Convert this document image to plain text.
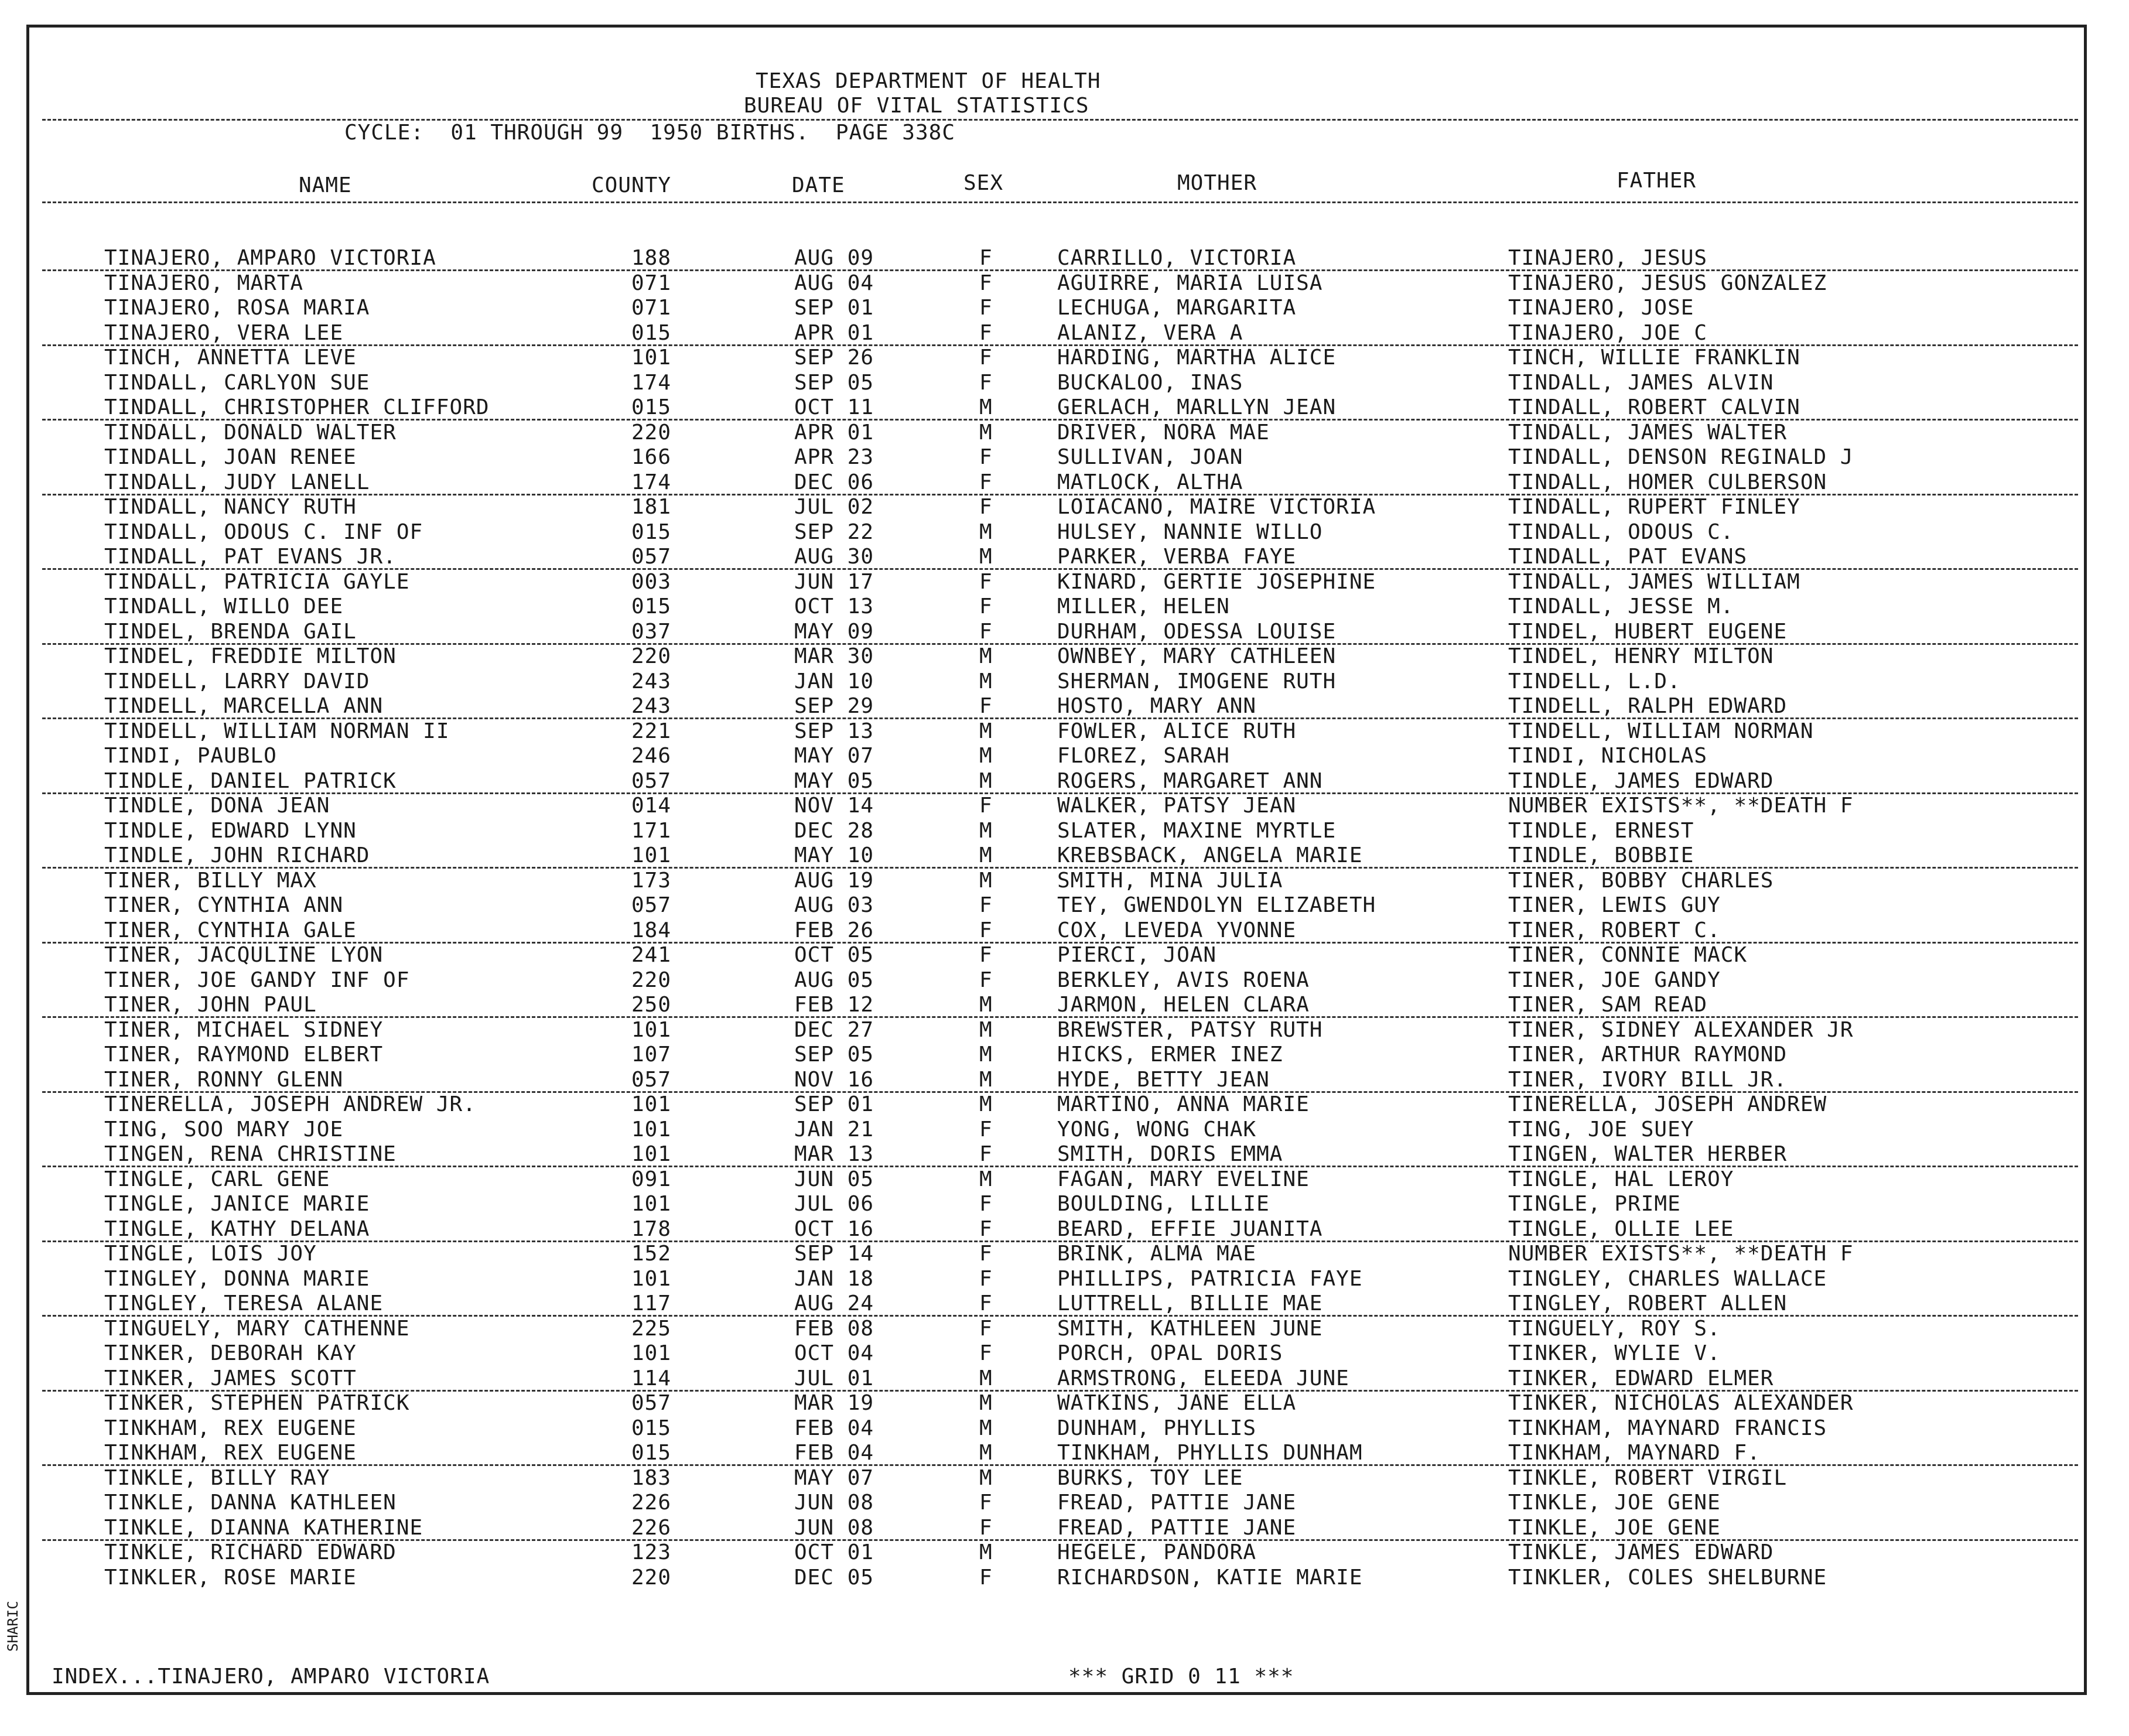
TEXAS DEPARTMENT OF HEALTH
BUREAU OF VITAL STATISTICS
CYCLE:  01 THROUGH 99  1950 BIRTHS.  PAGE 338C
NAME	COUNTY	DATE	SEX	MOTHER	FATHER
TINAJERO, AMPARO VICTORIA	188	AUG 09	F	CARRILLO, VICTORIA	TINAJERO, JESUS
TINAJERO, MARTA	071	AUG 04	F	AGUIRRE, MARIA LUISA	TINAJERO, JESUS GONZALEZ
TINAJERO, ROSA MARIA	071	SEP 01	F	LECHUGA, MARGARITA	TINAJERO, JOSE
TINAJERO, VERA LEE	015	APR 01	F	ALANIZ, VERA A	TINAJERO, JOE C
TINCH, ANNETTA LEVE	101	SEP 26	F	HARDING, MARTHA ALICE	TINCH, WILLIE FRANKLIN
TINDALL, CARLYON SUE	174	SEP 05	F	BUCKALOO, INAS	TINDALL, JAMES ALVIN
TINDALL, CHRISTOPHER CLIFFORD	015	OCT 11	M	GERLACH, MARLLYN JEAN	TINDALL, ROBERT CALVIN
TINDALL, DONALD WALTER	220	APR 01	M	DRIVER, NORA MAE	TINDALL, JAMES WALTER
TINDALL, JOAN RENEE	166	APR 23	F	SULLIVAN, JOAN	TINDALL, DENSON REGINALD J
TINDALL, JUDY LANELL	174	DEC 06	F	MATLOCK, ALTHA	TINDALL, HOMER CULBERSON
TINDALL, NANCY RUTH	181	JUL 02	F	LOIACANO, MAIRE VICTORIA	TINDALL, RUPERT FINLEY
TINDALL, ODOUS C. INF OF	015	SEP 22	M	HULSEY, NANNIE WILLO	TINDALL, ODOUS C.
TINDALL, PAT EVANS JR.	057	AUG 30	M	PARKER, VERBA FAYE	TINDALL, PAT EVANS
TINDALL, PATRICIA GAYLE	003	JUN 17	F	KINARD, GERTIE JOSEPHINE	TINDALL, JAMES WILLIAM
TINDALL, WILLO DEE	015	OCT 13	F	MILLER, HELEN	TINDALL, JESSE M.
TINDEL, BRENDA GAIL	037	MAY 09	F	DURHAM, ODESSA LOUISE	TINDEL, HUBERT EUGENE
TINDEL, FREDDIE MILTON	220	MAR 30	M	OWNBEY, MARY CATHLEEN	TINDEL, HENRY MILTON
TINDELL, LARRY DAVID	243	JAN 10	M	SHERMAN, IMOGENE RUTH	TINDELL, L.D.
TINDELL, MARCELLA ANN	243	SEP 29	F	HOSTO, MARY ANN	TINDELL, RALPH EDWARD
TINDELL, WILLIAM NORMAN II	221	SEP 13	M	FOWLER, ALICE RUTH	TINDELL, WILLIAM NORMAN
TINDI, PAUBLO	246	MAY 07	M	FLOREZ, SARAH	TINDI, NICHOLAS
TINDLE, DANIEL PATRICK	057	MAY 05	M	ROGERS, MARGARET ANN	TINDLE, JAMES EDWARD
TINDLE, DONA JEAN	014	NOV 14	F	WALKER, PATSY JEAN	NUMBER EXISTS**, **DEATH F
TINDLE, EDWARD LYNN	171	DEC 28	M	SLATER, MAXINE MYRTLE	TINDLE, ERNEST
TINDLE, JOHN RICHARD	101	MAY 10	M	KREBSBACK, ANGELA MARIE	TINDLE, BOBBIE
TINER, BILLY MAX	173	AUG 19	M	SMITH, MINA JULIA	TINER, BOBBY CHARLES
TINER, CYNTHIA ANN	057	AUG 03	F	TEY, GWENDOLYN ELIZABETH	TINER, LEWIS GUY
TINER, CYNTHIA GALE	184	FEB 26	F	COX, LEVEDA YVONNE	TINER, ROBERT C.
TINER, JACQULINE LYON	241	OCT 05	F	PIERCI, JOAN	TINER, CONNIE MACK
TINER, JOE GANDY INF OF	220	AUG 05	F	BERKLEY, AVIS ROENA	TINER, JOE GANDY
TINER, JOHN PAUL	250	FEB 12	M	JARMON, HELEN CLARA	TINER, SAM READ
TINER, MICHAEL SIDNEY	101	DEC 27	M	BREWSTER, PATSY RUTH	TINER, SIDNEY ALEXANDER JR
TINER, RAYMOND ELBERT	107	SEP 05	M	HICKS, ERMER INEZ	TINER, ARTHUR RAYMOND
TINER, RONNY GLENN	057	NOV 16	M	HYDE, BETTY JEAN	TINER, IVORY BILL JR.
TINERELLA, JOSEPH ANDREW JR.	101	SEP 01	M	MARTINO, ANNA MARIE	TINERELLA, JOSEPH ANDREW
TING, SOO MARY JOE	101	JAN 21	F	YONG, WONG CHAK	TING, JOE SUEY
TINGEN, RENA CHRISTINE	101	MAR 13	F	SMITH, DORIS EMMA	TINGEN, WALTER HERBER
TINGLE, CARL GENE	091	JUN 05	M	FAGAN, MARY EVELINE	TINGLE, HAL LEROY
TINGLE, JANICE MARIE	101	JUL 06	F	BOULDING, LILLIE	TINGLE, PRIME
TINGLE, KATHY DELANA	178	OCT 16	F	BEARD, EFFIE JUANITA	TINGLE, OLLIE LEE
TINGLE, LOIS JOY	152	SEP 14	F	BRINK, ALMA MAE	NUMBER EXISTS**, **DEATH F
TINGLEY, DONNA MARIE	101	JAN 18	F	PHILLIPS, PATRICIA FAYE	TINGLEY, CHARLES WALLACE
TINGLEY, TERESA ALANE	117	AUG 24	F	LUTTRELL, BILLIE MAE	TINGLEY, ROBERT ALLEN
TINGUELY, MARY CATHENNE	225	FEB 08	F	SMITH, KATHLEEN JUNE	TINGUELY, ROY S.
TINKER, DEBORAH KAY	101	OCT 04	F	PORCH, OPAL DORIS	TINKER, WYLIE V.
TINKER, JAMES SCOTT	114	JUL 01	M	ARMSTRONG, ELEEDA JUNE	TINKER, EDWARD ELMER
TINKER, STEPHEN PATRICK	057	MAR 19	M	WATKINS, JANE ELLA	TINKER, NICHOLAS ALEXANDER
TINKHAM, REX EUGENE	015	FEB 04	M	DUNHAM, PHYLLIS	TINKHAM, MAYNARD FRANCIS
TINKHAM, REX EUGENE	015	FEB 04	M	TINKHAM, PHYLLIS DUNHAM	TINKHAM, MAYNARD F.
TINKLE, BILLY RAY	183	MAY 07	M	BURKS, TOY LEE	TINKLE, ROBERT VIRGIL
TINKLE, DANNA KATHLEEN	226	JUN 08	F	FREAD, PATTIE JANE	TINKLE, JOE GENE
TINKLE, DIANNA KATHERINE	226	JUN 08	F	FREAD, PATTIE JANE	TINKLE, JOE GENE
TINKLE, RICHARD EDWARD	123	OCT 01	M	HEGELE, PANDORA	TINKLE, JAMES EDWARD
TINKLER, ROSE MARIE	220	DEC 05	F	RICHARDSON, KATIE MARIE	TINKLER, COLES SHELBURNE
INDEX...TINAJERO, AMPARO VICTORIA	*** GRID 0 11 ***
SHARIC
